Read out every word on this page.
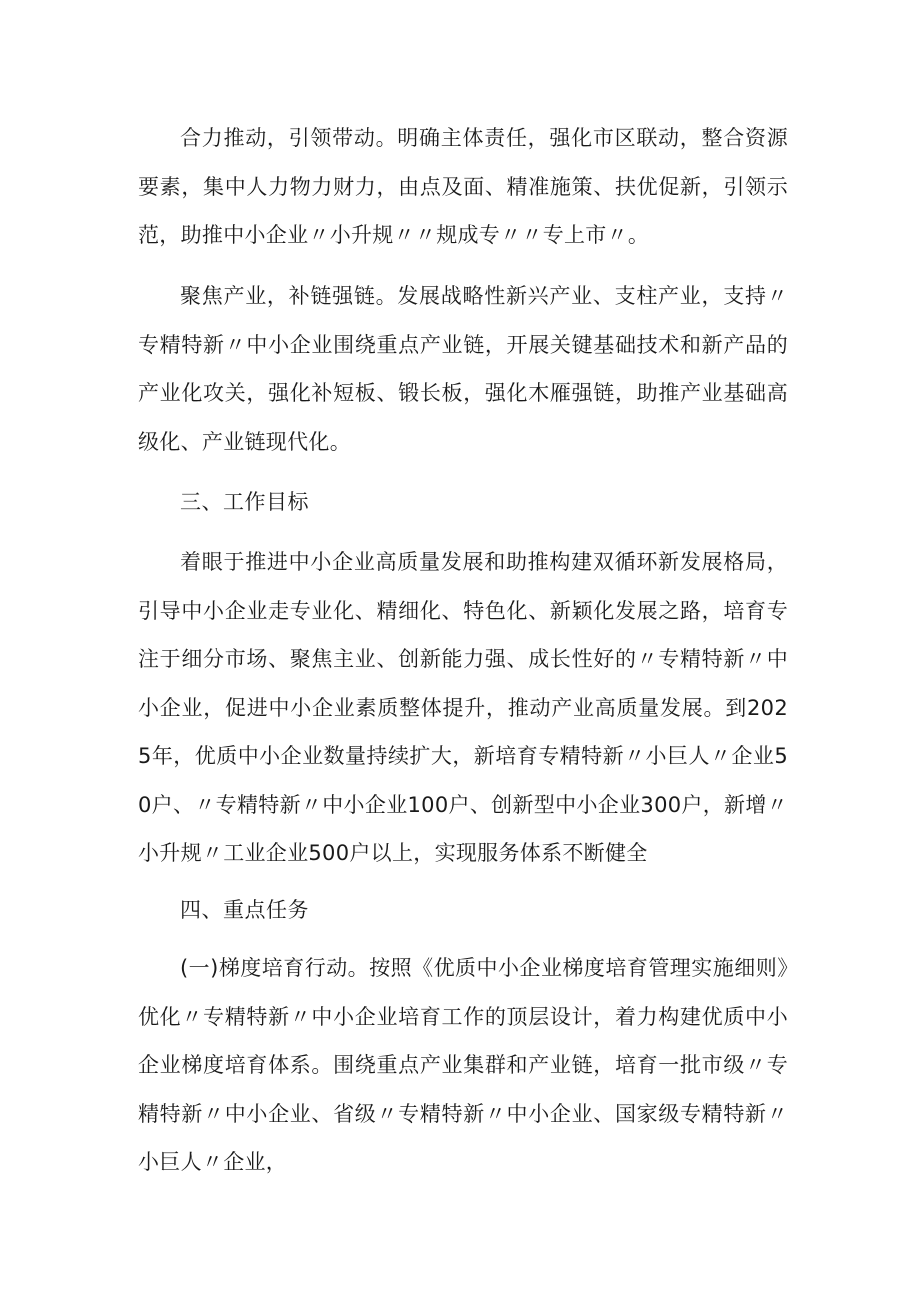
合力推动，引领带动。明确主体责任，强化市区联动，整合资源要素，集中人力物力财力，由点及面、精准施策、扶优促新，引领示范，助推中小企业〃小升规〃〃规成专〃〃专上市〃。

聚焦产业，补链强链。发展战略性新兴产业、支柱产业，支持〃专精特新〃中小企业围绕重点产业链，开展关键基础技术和新产品的产业化攻关，强化补短板、锻长板，强化木雁强链，助推产业基础高级化、产业链现代化。

三、工作目标

着眼于推进中小企业高质量发展和助推构建双循环新发展格局，引导中小企业走专业化、精细化、特色化、新颖化发展之路，培育专注于细分市场、聚焦主业、创新能力强、成长性好的〃专精特新〃中小企业，促进中小企业素质整体提升，推动产业高质量发展。到2025年，优质中小企业数量持续扩大，新培育专精特新〃小巨人〃企业50户、〃专精特新〃中小企业100户、创新型中小企业300户，新增〃小升规〃工业企业500户以上，实现服务体系不断健全

四、重点任务

(一)梯度培育行动。按照《优质中小企业梯度培育管理实施细则》优化〃专精特新〃中小企业培育工作的顶层设计，着力构建优质中小企业梯度培育体系。围绕重点产业集群和产业链，培育一批市级〃专精特新〃中小企业、省级〃专精特新〃中小企业、国家级专精特新〃小巨人〃企业，
